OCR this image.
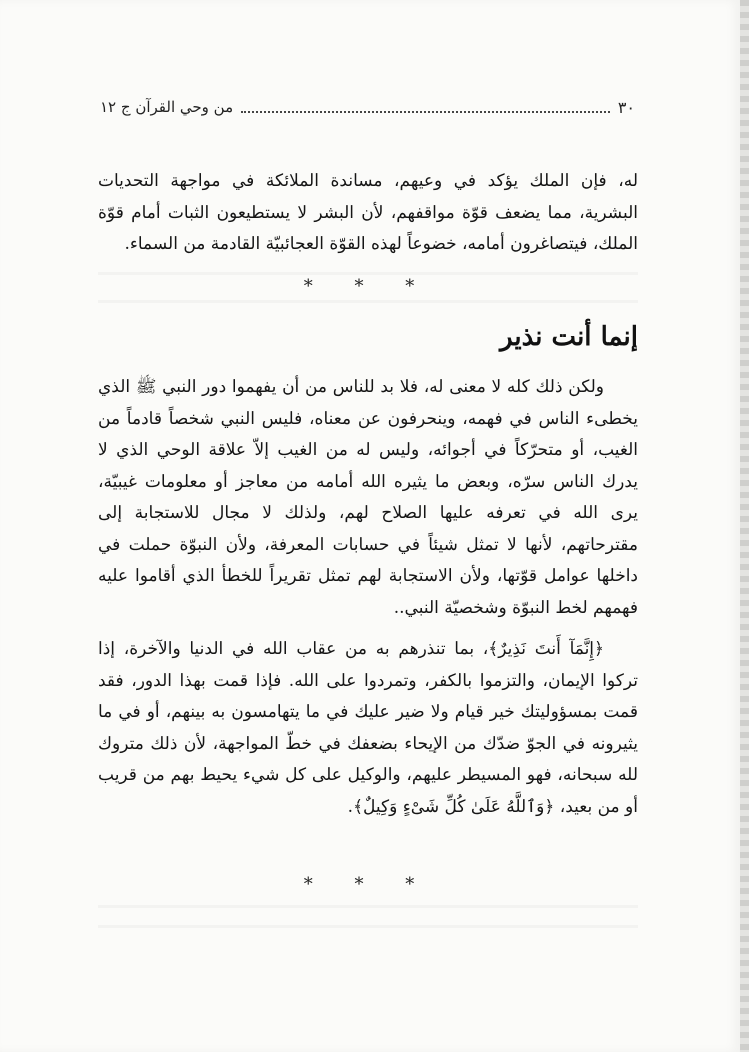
٣٠
من وحي القرآن ج ١٢

له، فإن الملك يؤكد في وعيهم، مساندة الملائكة في مواجهة التحديات البشرية، مما يضعف قوّة مواقفهم، لأن البشر لا يستطيعون الثبات أمام قوّة الملك، فيتصاغرون أمامه، خضوعاً لهذه القوّة العجائبيّة القادمة من السماء.

* * *
إنما أنت نذير

ولكن ذلك كله لا معنى له، فلا بد للناس من أن يفهموا دور النبي ﷺ الذي يخطىء الناس في فهمه، وينحرفون عن معناه، فليس النبي شخصاً قادماً من الغيب، أو متحرّكاً في أجوائه، وليس له من الغيب إلاّ علاقة الوحي الذي لا يدرك الناس سرّه، وبعض ما يثيره الله أمامه من معاجز أو معلومات غيبيّة، يرى الله في تعرفه عليها الصلاح لهم، ولذلك لا مجال للاستجابة إلى مقترحاتهم، لأنها لا تمثل شيئاً في حسابات المعرفة، ولأن النبوّة حملت في داخلها عوامل قوّتها، ولأن الاستجابة لهم تمثل تقريراً للخطأ الذي أقاموا عليه فهمهم لخط النبوّة وشخصيّة النبي..

﴿إِنَّمَآ أَنتَ نَذِيرٌ﴾، بما تنذرهم به من عقاب الله في الدنيا والآخرة، إذا تركوا الإيمان، والتزموا بالكفر، وتمردوا على الله. فإذا قمت بهذا الدور، فقد قمت بمسؤوليتك خير قيام ولا ضير عليك في ما يتهامسون به بينهم، أو في ما يثيرونه في الجوّ ضدّك من الإيحاء بضعفك في خطّ المواجهة، لأن ذلك متروك لله سبحانه، فهو المسيطر عليهم، والوكيل على كل شيء يحيط بهم من قريب أو من بعيد، ﴿وَٱللَّهُ عَلَىٰ كُلِّ شَىْءٍ وَكِيلٌ﴾.

* * *
